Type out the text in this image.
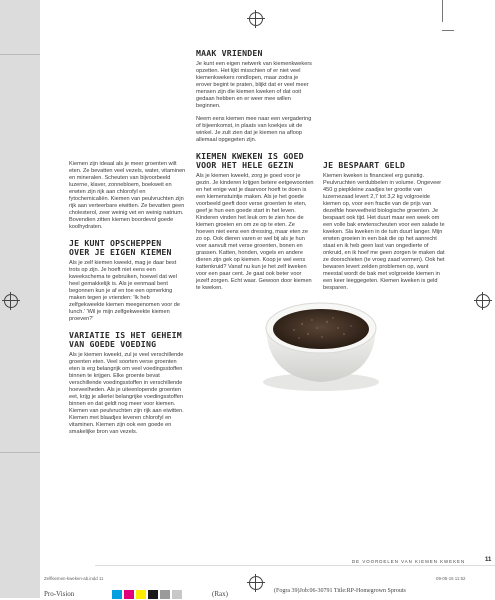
Kiemen zijn ideaal als je meer groenten wilt eten. Ze bevatten veel vezels, water, vitaminen en mineralen. Scheuten van bijvoorbeeld luzerne, klaver, zonnebloem, boekweit en erwten zijn rijk aan chlorofyl en fytochemicaliën. Kiemen van peulvruchten zijn rijk aan verteerbare eiwitten. Ze bevatten geen cholesterol, zeer weinig vet en weinig natrium. Bovendien zitten kiemen boordevol goede koolhydraten.

JE KUNT OPSCHEPPEN OVER JE EIGEN KIEMEN

Als je zelf kiemen kweekt, mag je daar best trots op zijn. Je hoeft niet eens een kweekschema te gebruiken, hoewel dat wel heel gemakkelijk is. Als je eenmaal bent begonnen kun je af en toe een opmerking maken tegen je vrienden: 'Ik heb zelfgekweekte kiemen meegenomen voor de lunch.' 'Wil je mijn zelfgekweekte kiemen proeven?'

VARIATIE IS HET GEHEIM VAN GOEDE VOEDING

Als je kiemen kweekt, zul je veel verschillende groenten eten. Veel soorten verse groenten eten is erg belangrijk om veel voedingsstoffen binnen te krijgen. Elke groente bevat verschillende voedingsstoffen in verschillende hoeveelheden. Als je uiteenlopende groenten eet, krijg je allerlei belangrijke voedingsstoffen binnen en dat geldt nog meer voor kiemen. Kiemen van peulvruchten zijn rijk aan eiwitten. Kiemen met blaadjes leveren chlorofyl en vitaminen. Kiemen zijn ook een goede en smakelijke bron van vezels.

MAAK VRIENDEN

Je kunt een eigen netwerk van kiemenkwekers opzetten. Het lijkt misschien of er niet veel kiemenkwekers rondlopen, maar zodra je erover begint te praten, blijkt dat er veel meer mensen zijn die kiemen kweken of dat ooit gedaan hebben en er weer mee willen beginnen.

Neem eens kiemen mee naar een vergadering of bijeenkomst, in plaats van koekjes uit de winkel. Je zult zien dat je kiemen na afloop allemaal opgegeten zijn.

KIEMEN KWEKEN IS GOED VOOR HET HELE GEZIN

Als je kiemen kweekt, zorg je goed voor je gezin. Je kinderen krijgen betere eetgewoonten en het enige wat je daarvoor hoeft te doen is een kiemenstuintje maken. Als je het goede voorbeeld geeft door verse groenten te eten, geef je hun een goede start in het leven. Kinderen vinden het leuk om te zien hoe de kiemen groeien en om ze op te eten. Ze hoeven niet eens een dressing, maar eten ze zo op. Ook dieren varen er wel bij als je hun voer aanvult met verse groenten, bonen en grassen. Katten, honden, vogels en andere dieren zijn gek op kiemen. Koop je wel eens kattenkruid? Vanaf nu kun je het zelf kweken voor een paar cent. Je gaat ook beter voor jezelf zorgen. Echt waar. Gewoon door kiemen te kweken.

JE BESPAART GELD

Kiemen kweken is financieel erg gunstig. Peulvruchten verdubbelen in volume. Ongeveer 450 g piepkleine zaadjes ter grootte van luzernezaad levert 2,7 tot 3,2 kg volgroeide kiemen op, voor een fractie van de prijs van dezelfde hoeveelheid biologische groenten. Je bespaart ook tijd. Het duurt maar een week om een volle bak erwtenscheuten voor een salade te kweken. Sla kweken in de tuin duurt langer. Mijn erwten groeien in een bak die op het aanrecht staat en ik heb geen last van ongedierte of onkruid, en ik hoef me geen zorgen te maken dat ze doorschieten (te vroeg zaad vormen). Ook het bewaren levert zelden problemen op, want meestal wordt de bak met volgroeide kiemen in een keer leeggegeten. Kiemen kweken is geld besparen.

DE VOORDELEN VAN KIEMEN KWEKEN	11
Zelfkiemen-kweken-ab.indd 11	09-05-15 11:52
(Fogra 39)Job:06-30791 Title:RP-Homegrown Sprouts
Pro-Vision	(Rax)
